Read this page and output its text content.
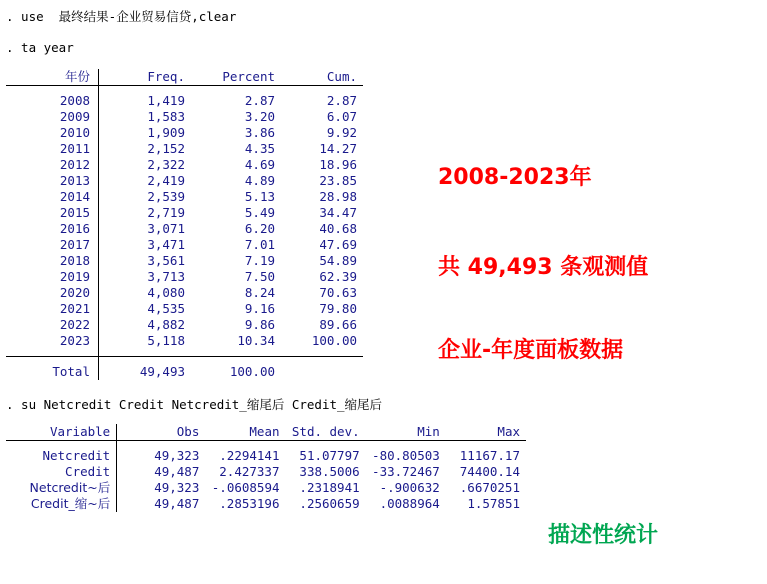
. use  最终结果-企业贸易信贷,clear
. ta year

年份	Freq.	Percent	Cum.

2008	1,419	2.87	2.87
2009	1,583	3.20	6.07
2010	1,909	3.86	9.92
2011	2,152	4.35	14.27
2012	2,322	4.69	18.96
2013	2,419	4.89	23.85
2014	2,539	5.13	28.98
2015	2,719	5.49	34.47
2016	3,071	6.20	40.68
2017	3,471	7.01	47.69
2018	3,561	7.19	54.89
2019	3,713	7.50	62.39
2020	4,080	8.24	70.63
2021	4,535	9.16	79.80
2022	4,882	9.86	89.66
2023	5,118	10.34	100.00

Total	49,493	100.00	
. su Netcredit Credit Netcredit_缩尾后 Credit_缩尾后

Variable	Obs	Mean	Std. dev.	Min	Max

Netcredit	49,323	.2294141	51.07797	-80.80503	11167.17
Credit	49,487	2.427337	338.5006	-33.72467	74400.14
Netcredit~后	49,323	-.0608594	.2318941	-.900632	.6670251
Credit_缩~后	49,487	.2853196	.2560659	.0088964	1.57851
2008-2023年
共 49,493 条观测值
企业-年度面板数据
描述性统计
